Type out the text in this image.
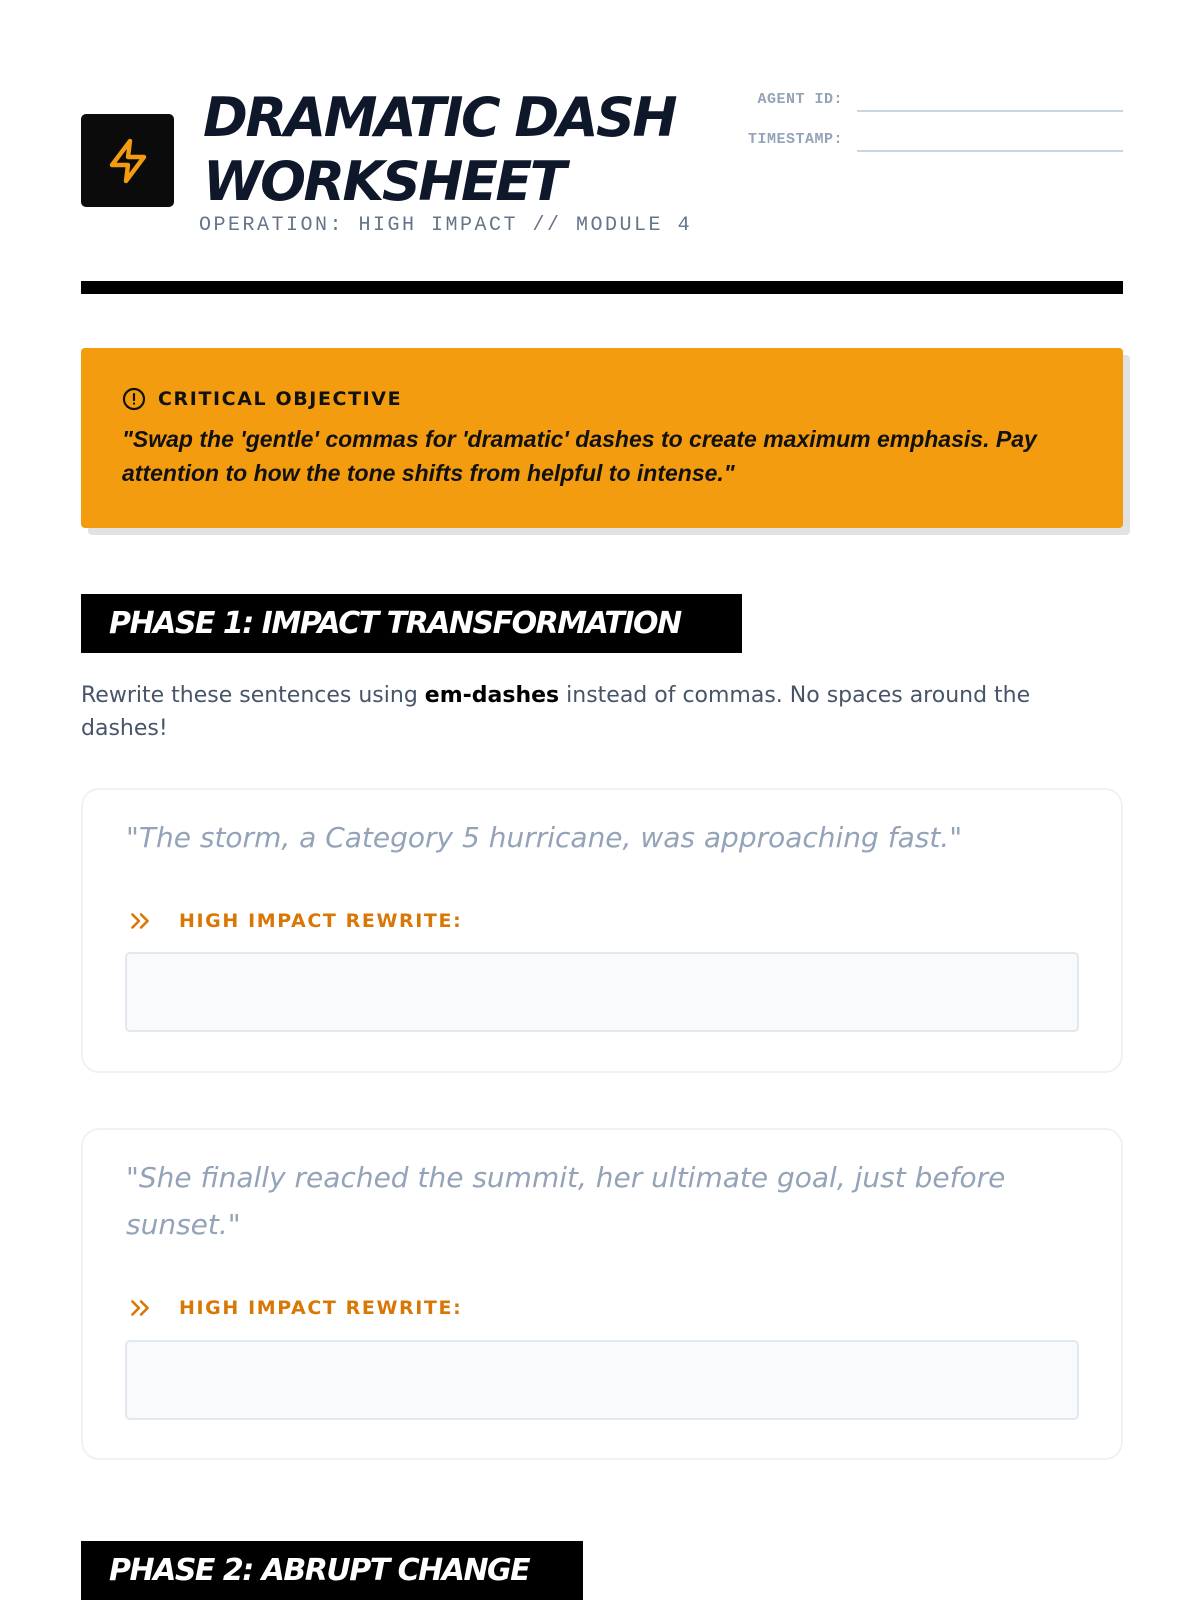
DRAMATIC DASH WORKSHEET
OPERATION: HIGH IMPACT // MODULE 4
AGENT ID:
TIMESTAMP:
CRITICAL OBJECTIVE
"Swap the 'gentle' commas for 'dramatic' dashes to create maximum emphasis. Pay attention to how the tone shifts from helpful to intense."
PHASE 1: IMPACT TRANSFORMATION
Rewrite these sentences using em-dashes instead of commas. No spaces around the dashes!
"The storm, a Category 5 hurricane, was approaching fast."
HIGH IMPACT REWRITE:
"She finally reached the summit, her ultimate goal, just before sunset."
HIGH IMPACT REWRITE:
PHASE 2: ABRUPT CHANGE
